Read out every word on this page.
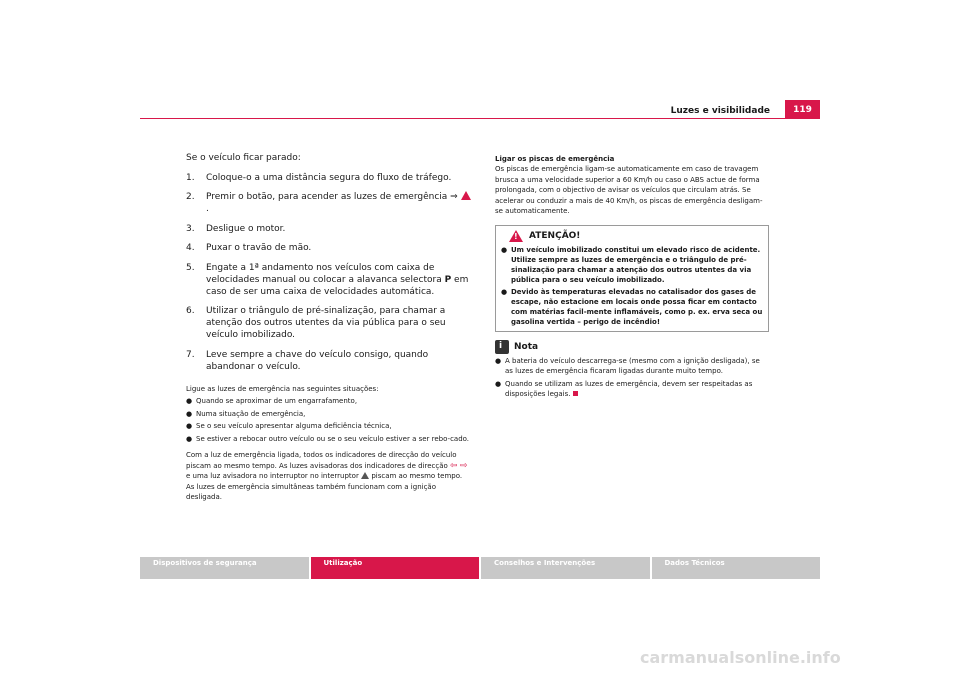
Luzes e visibilidade	119

Se o veículo ficar parado:

1. Coloque-o a uma distância segura do fluxo de tráfego.
2. Premir o botão, para acender as luzes de emergência ⇒ .
3. Desligue o motor.
4. Puxar o travão de mão.
5. Engate a 1ª andamento nos veículos com caixa de velocidades manual ou colocar a alavanca selectora P em caso de ser uma caixa de velocidades automática.
6. Utilizar o triângulo de pré-sinalização, para chamar a atenção dos outros utentes da via pública para o seu veículo imobilizado.
7. Leve sempre a chave do veículo consigo, quando abandonar o veículo.

Ligue as luzes de emergência nas seguintes situações:

● Quando se aproximar de um engarrafamento,
● Numa situação de emergência,
● Se o seu veículo apresentar alguma deficiência técnica,
● Se estiver a rebocar outro veículo ou se o seu veículo estiver a ser rebo-cado.

Com a luz de emergência ligada, todos os indicadores de direcção do veículo piscam ao mesmo tempo. As luzes avisadoras dos indicadores de direcção ⇦ ⇨ e uma luz avisadora no interruptor no interruptor piscam ao mesmo tempo. As luzes de emergência simultâneas também funcionam com a ignição desligada.

Ligar os piscas de emergência

Os piscas de emergência ligam-se automaticamente em caso de travagem brusca a uma velocidade superior a 60 Km/h ou caso o ABS actue de forma prolongada, com o objectivo de avisar os veículos que circulam atrás. Se acelerar ou conduzir a mais de 40 Km/h, os piscas de emergência desligam-se automaticamente.

! ATENÇÃO!
● Um veículo imobilizado constitui um elevado risco de acidente. Utilize sempre as luzes de emergência e o triângulo de pré-sinalização para chamar a atenção dos outros utentes da via pública para o seu veículo imobilizado.
● Devido às temperaturas elevadas no catalisador dos gases de escape, não estacione em locais onde possa ficar em contacto com matérias facil-mente inflamáveis, como p. ex. erva seca ou gasolina vertida – perigo de incêndio!
i Nota
● A bateria do veículo descarrega-se (mesmo com a ignição desligada), se as luzes de emergência ficaram ligadas durante muito tempo.
● Quando se utilizam as luzes de emergência, devem ser respeitadas as disposições legais.
Dispositivos de segurança	Utilização	Conselhos e Intervenções	Dados Técnicos
carmanualsonline.info
